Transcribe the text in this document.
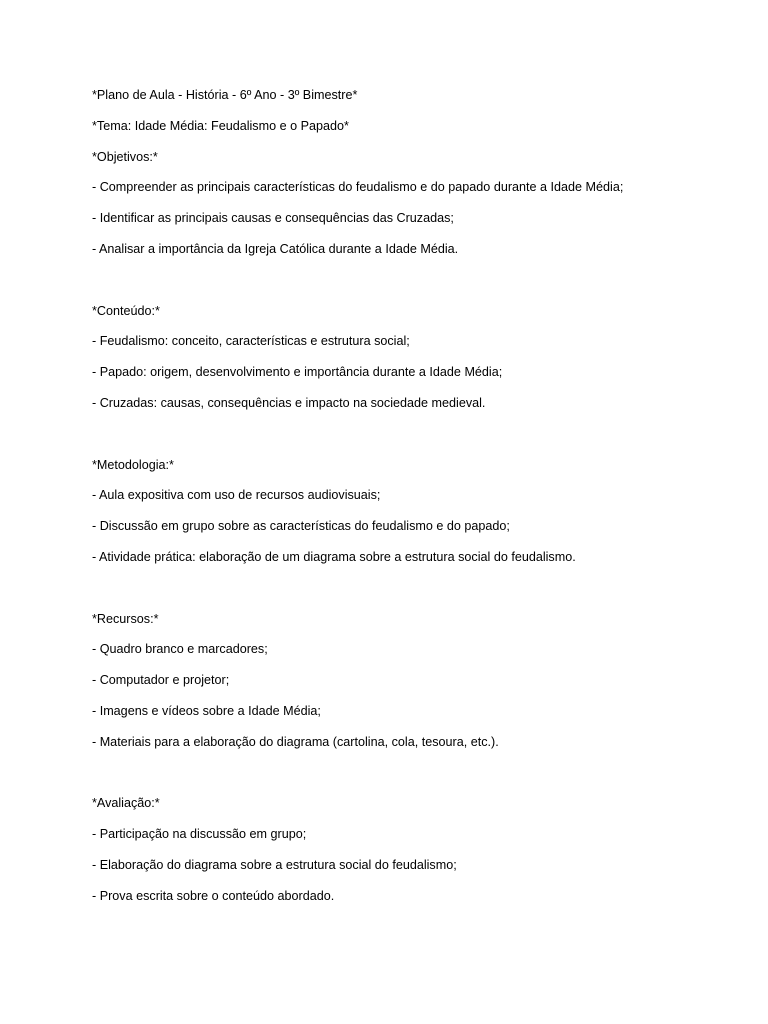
*Plano de Aula - História - 6º Ano - 3º Bimestre*
*Tema: Idade Média: Feudalismo e o Papado*
*Objetivos:*
- Compreender as principais características do feudalismo e do papado durante a Idade Média;
- Identificar as principais causas e consequências das Cruzadas;
- Analisar a importância da Igreja Católica durante a Idade Média.
*Conteúdo:*
- Feudalismo: conceito, características e estrutura social;
- Papado: origem, desenvolvimento e importância durante a Idade Média;
- Cruzadas: causas, consequências e impacto na sociedade medieval.
*Metodologia:*
- Aula expositiva com uso de recursos audiovisuais;
- Discussão em grupo sobre as características do feudalismo e do papado;
- Atividade prática: elaboração de um diagrama sobre a estrutura social do feudalismo.
*Recursos:*
- Quadro branco e marcadores;
- Computador e projetor;
- Imagens e vídeos sobre a Idade Média;
- Materiais para a elaboração do diagrama (cartolina, cola, tesoura, etc.).
*Avaliação:*
- Participação na discussão em grupo;
- Elaboração do diagrama sobre a estrutura social do feudalismo;
- Prova escrita sobre o conteúdo abordado.
